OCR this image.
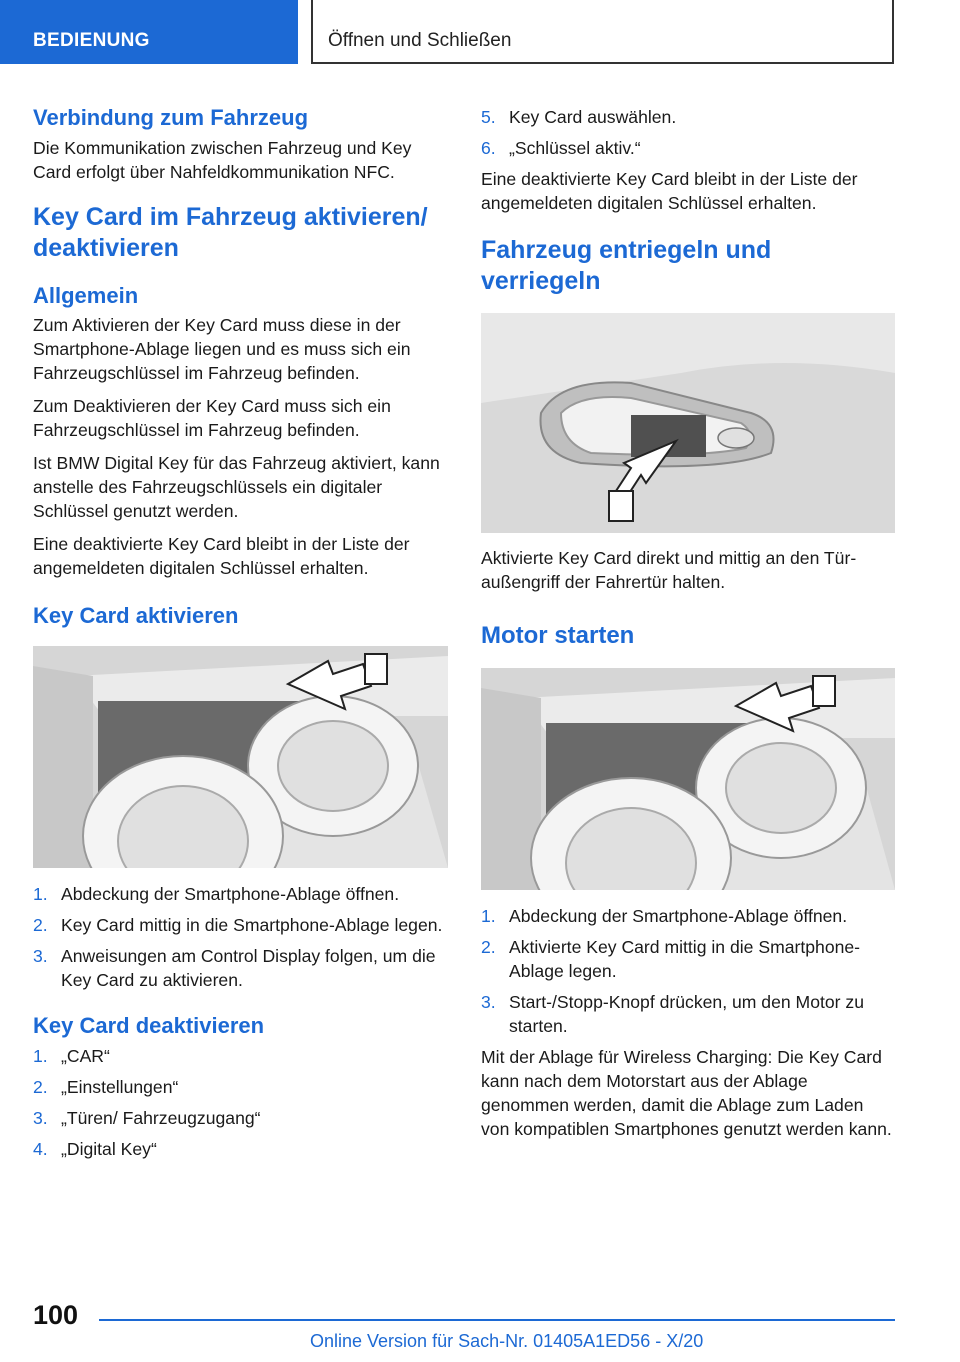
BEDIENUNG	Öffnen und Schließen
Verbindung zum Fahrzeug

Die Kommunikation zwischen Fahrzeug und Key Card erfolgt über Nahfeldkommunikation NFC.

Key Card im Fahrzeug aktivieren/
deaktivieren
Allgemein

Zum Aktivieren der Key Card muss diese in der Smartphone-Ablage liegen und es muss sich ein Fahrzeugschlüssel im Fahrzeug befinden.

Zum Deaktivieren der Key Card muss sich ein Fahrzeugschlüssel im Fahrzeug befinden.

Ist BMW Digital Key für das Fahrzeug aktiviert, kann anstelle des Fahrzeugschlüssels ein digitaler Schlüssel genutzt werden.

Eine deaktivierte Key Card bleibt in der Liste der angemeldeten digitalen Schlüssel erhalten.

Key Card aktivieren
1. Abdeckung der Smartphone-Ablage öffnen.
2. Key Card mittig in die Smartphone-Ablage legen.
3. Anweisungen am Control Display folgen, um die Key Card zu aktivieren.
Key Card deaktivieren
1. „CAR“
2. „Einstellungen“
3. „Türen/ Fahrzeugzugang“
4. „Digital Key“
5. Key Card auswählen.
6. „Schlüssel aktiv.“

Eine deaktivierte Key Card bleibt in der Liste der angemeldeten digitalen Schlüssel erhalten.

Fahrzeug entriegeln und
verriegeln

Aktivierte Key Card direkt und mittig an den Türaußengriff der Fahrertür halten.

Motor starten
1. Abdeckung der Smartphone-Ablage öffnen.
2. Aktivierte Key Card mittig in die Smartphone-Ablage legen.
3. Start-/Stopp-Knopf drücken, um den Motor zu starten.

Mit der Ablage für Wireless Charging: Die Key Card kann nach dem Motorstart aus der Ablage genommen werden, damit die Ablage zum Laden von kompatiblen Smartphones genutzt werden kann.

100
Online Version für Sach-Nr. 01405A1ED56 - X/20
